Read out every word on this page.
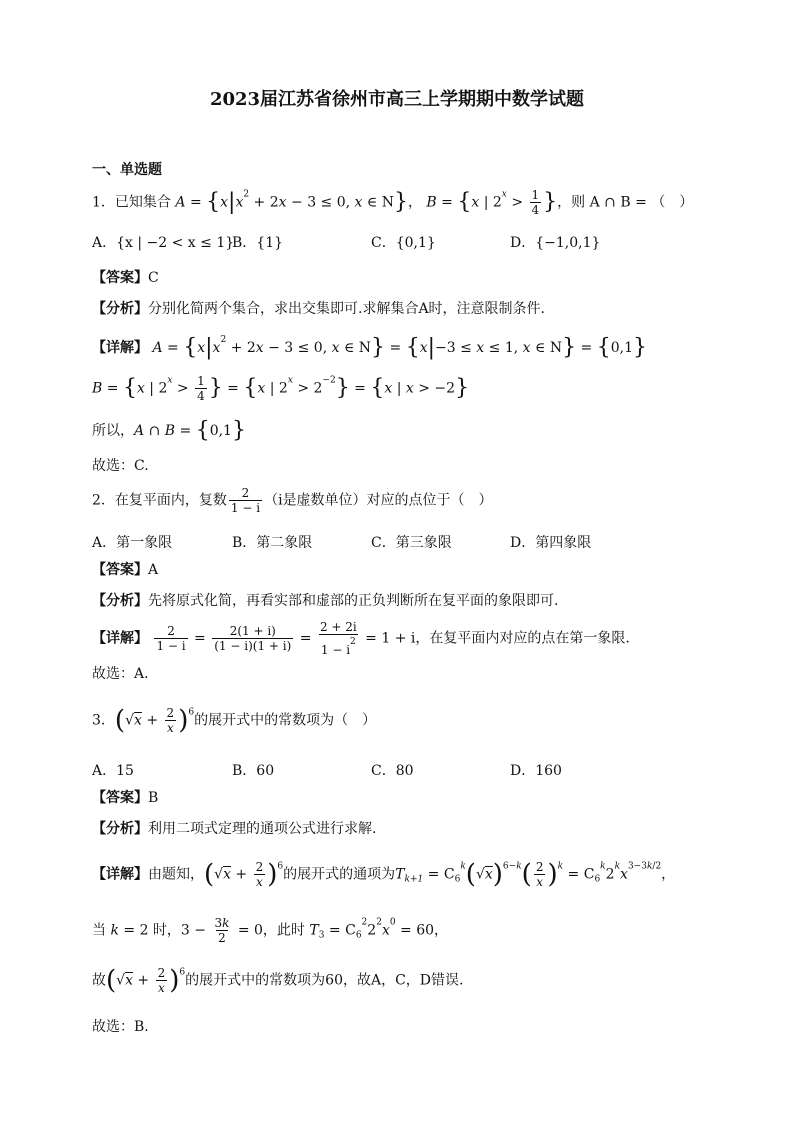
2023届江苏省徐州市高三上学期期中数学试题
一、单选题
1．已知集合 $A = \{x|x^2 + 2x - 3 \le 0$, x ∈ N}， B = {x | $2^x > \frac{1}{4}$ }，则 A ∩ B = （　）
A．{x | −2 < x ≤ 1}
B．{1}	C．{0,1}	D．{−1,0,1}
【答案】C
【分析】分别化简两个集合，求出交集即可.求解集合A时，注意限制条件.
【详解】 $A = \{x|x^2 + 2x - 3 \le 0$, x ∈ N} = {x|−3 ≤ x ≤ 1, x ∈ N} = {0,1}
B = {x | $2^x > \frac{1}{4}$ } = {x | $2^x > 2^{-2}\} = \{x$ | x > −2}
所以，A ∩ B = {0,1}
故选：C.
2．在复平面内，复数 $\frac{2}{1 - i} (i$是虚数单位）对应的点位于（　）
A．第一象限	B．第二象限	C．第三象限	D．第四象限
【答案】A
【分析】先将原式化简，再看实部和虚部的正负判断所在复平面的象限即可.
【详解】 $\frac{2}{1 - i} = \frac{2(1 + i)}{(1 - i)(1 + i)} = \frac{2 + 2i}{1 - i^2} = 1 + i$，在复平面内对应的点在第一象限.
故选：A.
3．$(√x + \frac{2}{x} )^6$的展开式中的常数项为（　）
A．15	B．60	C．80	D．160
【答案】B
【分析】利用二项式定理的通项公式进行求解.
【详解】由题知，$(√x + \frac{2}{x} )^6$的展开式的通项为$T_{k+1} = C_6^k(√x)^{6-k}( \frac{2}{x} )^k = C_6^k2^kx^{3-3k/2}$，
当 k = 2 时，$3 - \frac{3k}{2} = 0$，此时 $T_3 = C_6^22^2x^0 = 60$，
故$(√x + \frac{2}{x} )^6$的展开式中的常数项为60，故A，C，D错误.
故选：B.
